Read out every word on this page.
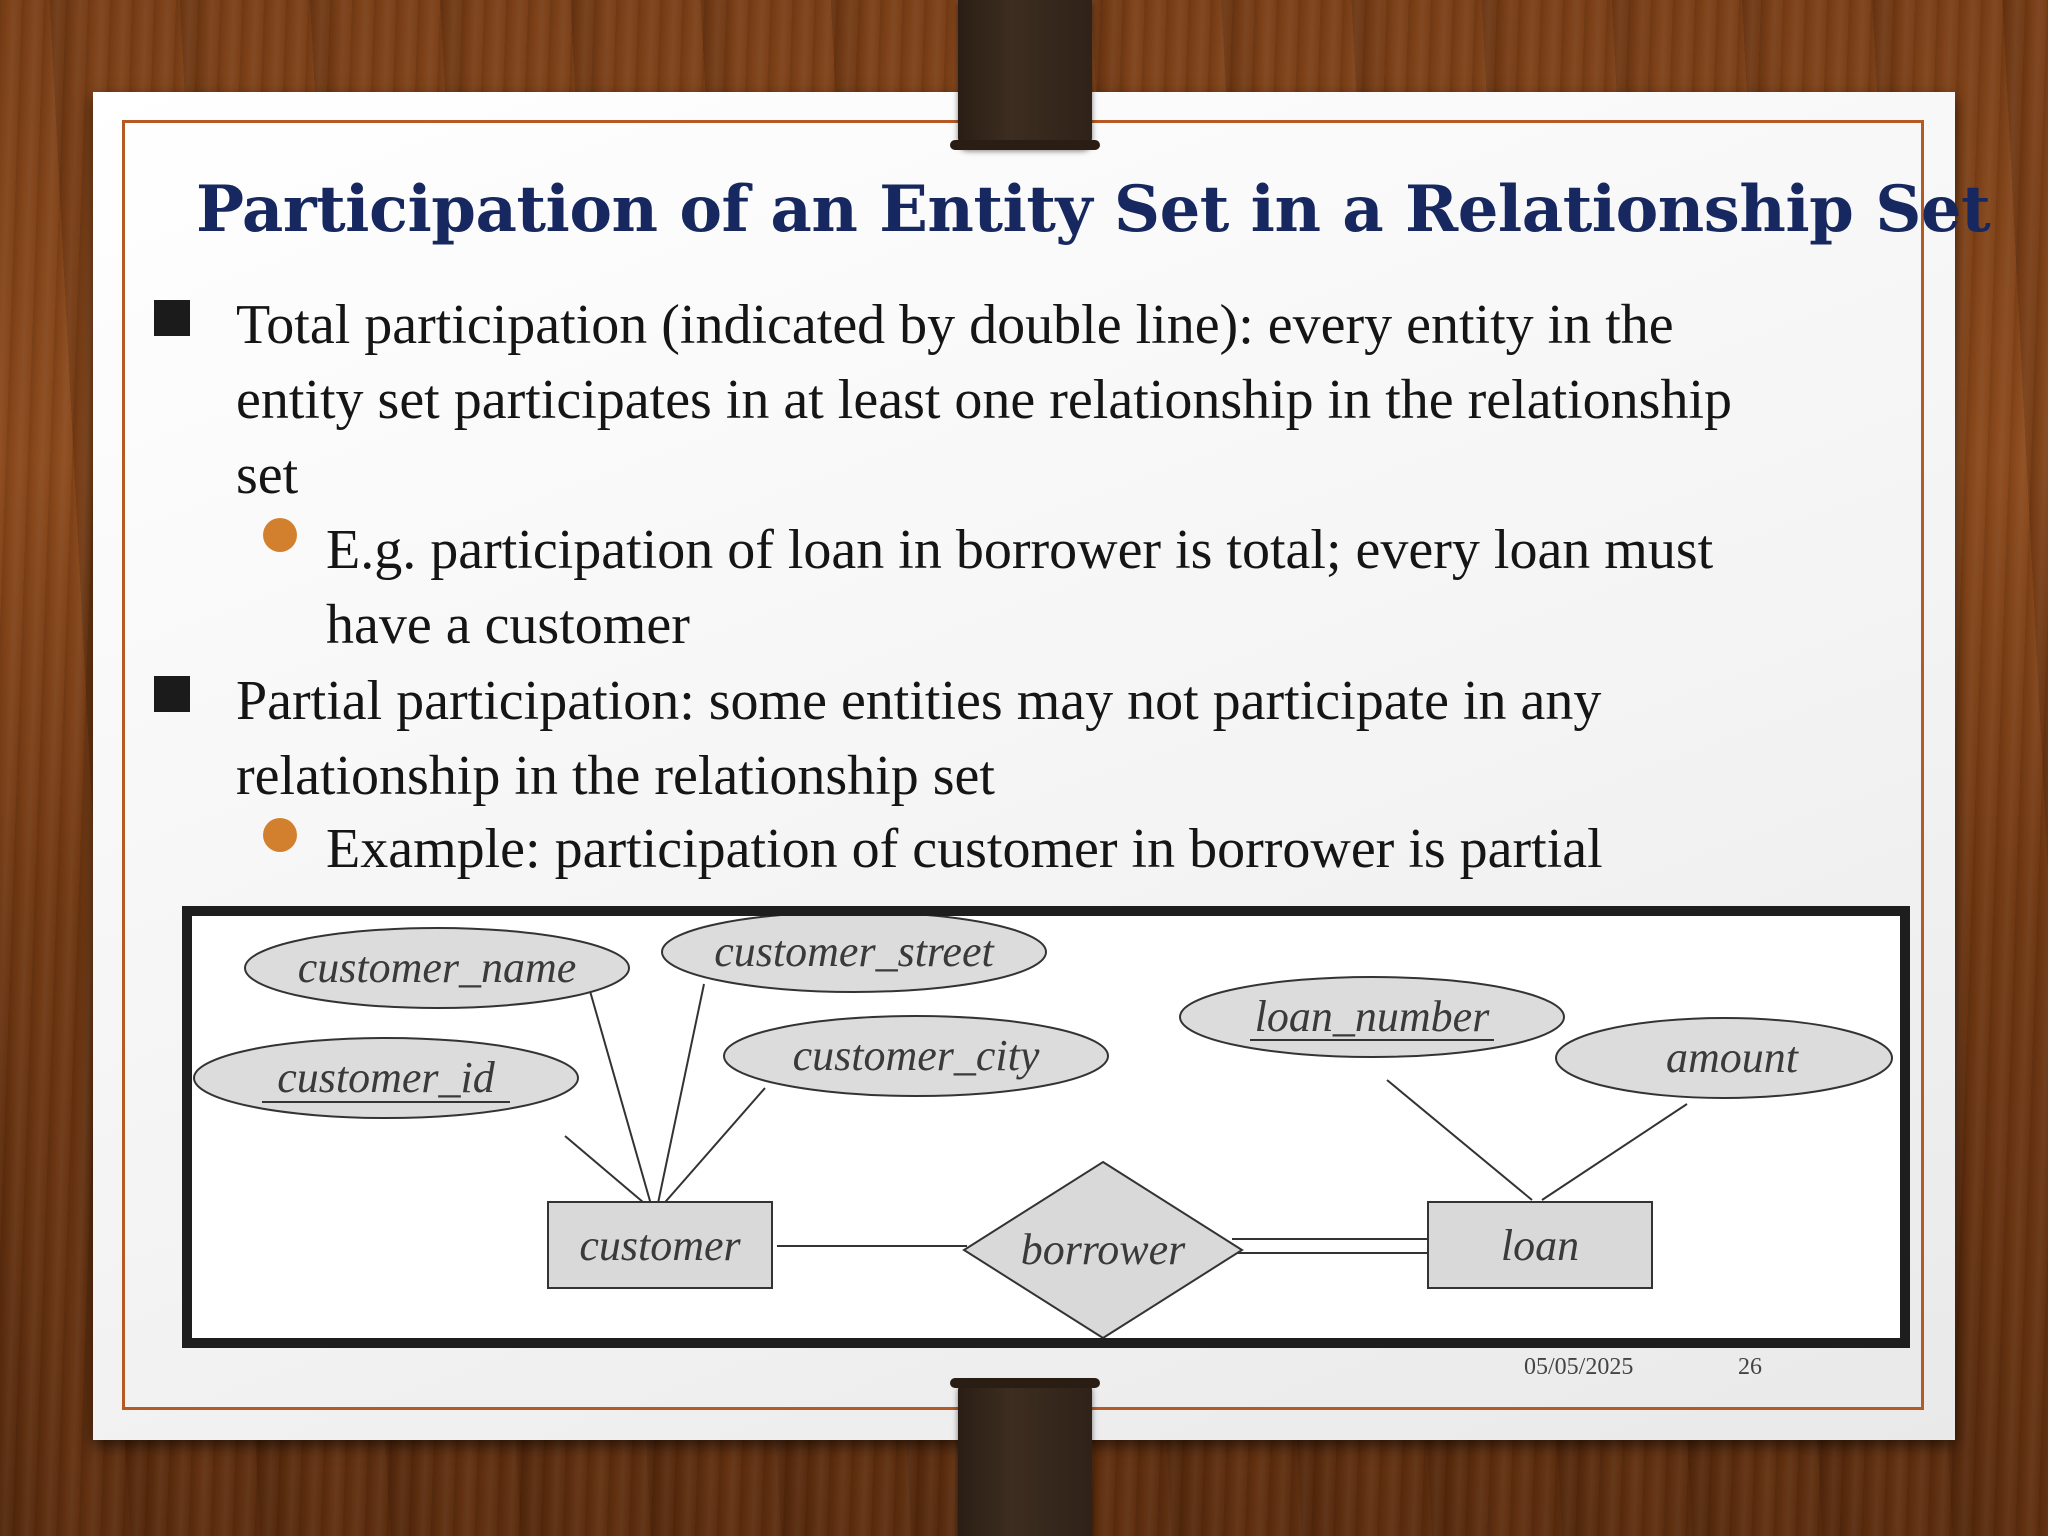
Participation of an Entity Set in a Relationship Set
Total participation (indicated by double line): every entity in the
entity set participates in at least one relationship in the relationship
set
E.g. participation of loan in borrower is total; every loan must
have a customer
Partial participation: some entities may not participate in any
relationship in the relationship set
Example: participation of customer in borrower is partial
customer_name	customer_street
customer_id	customer_city
loan_number
amount
customer	loan
borrower
05/05/2025	26
